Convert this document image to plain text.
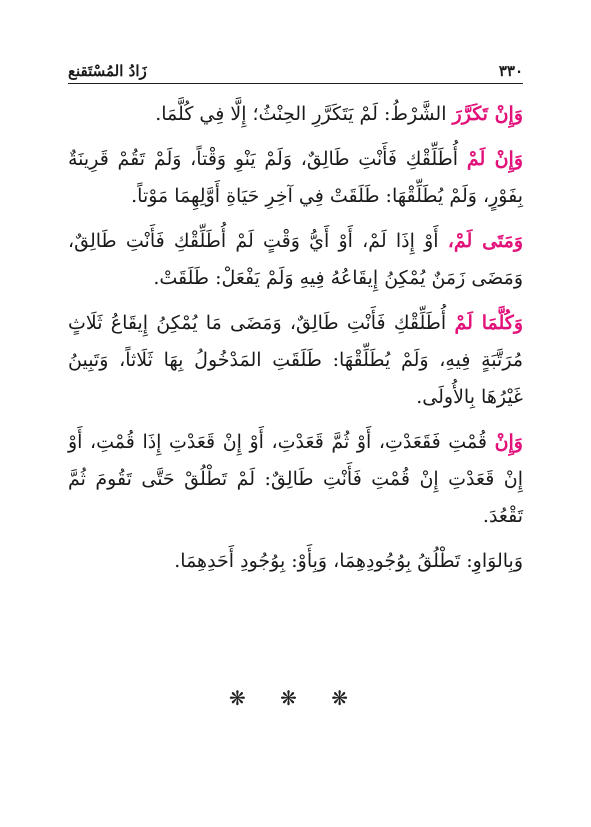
٣٣٠
زَادُ المُسْتَقنع

وَإِنْ تَكَرَّرَ الشَّرْطُ: لَمْ يَتَكَرَّرِ الحِنْثُ؛ إِلَّا فِي كُلَّمَا.

وَإِنْ لَمْ أُطَلِّقْكِ فَأَنْتِ طَالِقٌ، وَلَمْ يَنْوِ وَقْتاً، وَلَمْ تَقُمْ قَرِينَةٌ بِفَوْرٍ، وَلَمْ يُطَلِّقْهَا: طَلَقَتْ فِي آخِرِ حَيَاةِ أَوَّلِهِمَا مَوْتاً.

وَمَتَى لَمْ، أَوْ إِذَا لَمْ، أَوْ أَيُّ وَقْتٍ لَمْ أُطَلِّقْكِ فَأَنْتِ طَالِقٌ، وَمَضَى زَمَنٌ يُمْكِنُ إِيقَاعُهُ فِيهِ وَلَمْ يَفْعَلْ: طَلَقَتْ.

وَكُلَّمَا لَمْ أُطَلِّقْكِ فَأَنْتِ طَالِقٌ، وَمَضَى مَا يُمْكِنُ إِيقَاعُ ثَلَاثٍ مُرَتَّبَةٍ فِيهِ، وَلَمْ يُطَلِّقْهَا: طَلَقَتِ المَدْخُولُ بِهَا ثَلَاثاً، وَتَبِينُ غَيْرُهَا بِالأُولَى.

وَإِنْ قُمْتِ فَقَعَدْتِ، أَوْ ثُمَّ قَعَدْتِ، أَوْ إِنْ قَعَدْتِ إِذَا قُمْتِ، أَوْ إِنْ قَعَدْتِ إِنْ قُمْتِ فَأَنْتِ طَالِقٌ: لَمْ تَطْلُقْ حَتَّى تَقُومَ ثُمَّ تَقْعُدَ.

وَبِالوَاوِ: تَطْلُقُ بِوُجُودِهِمَا، وَبِأَوْ: بِوُجُودِ أَحَدِهِمَا.

❋ ❋ ❋
